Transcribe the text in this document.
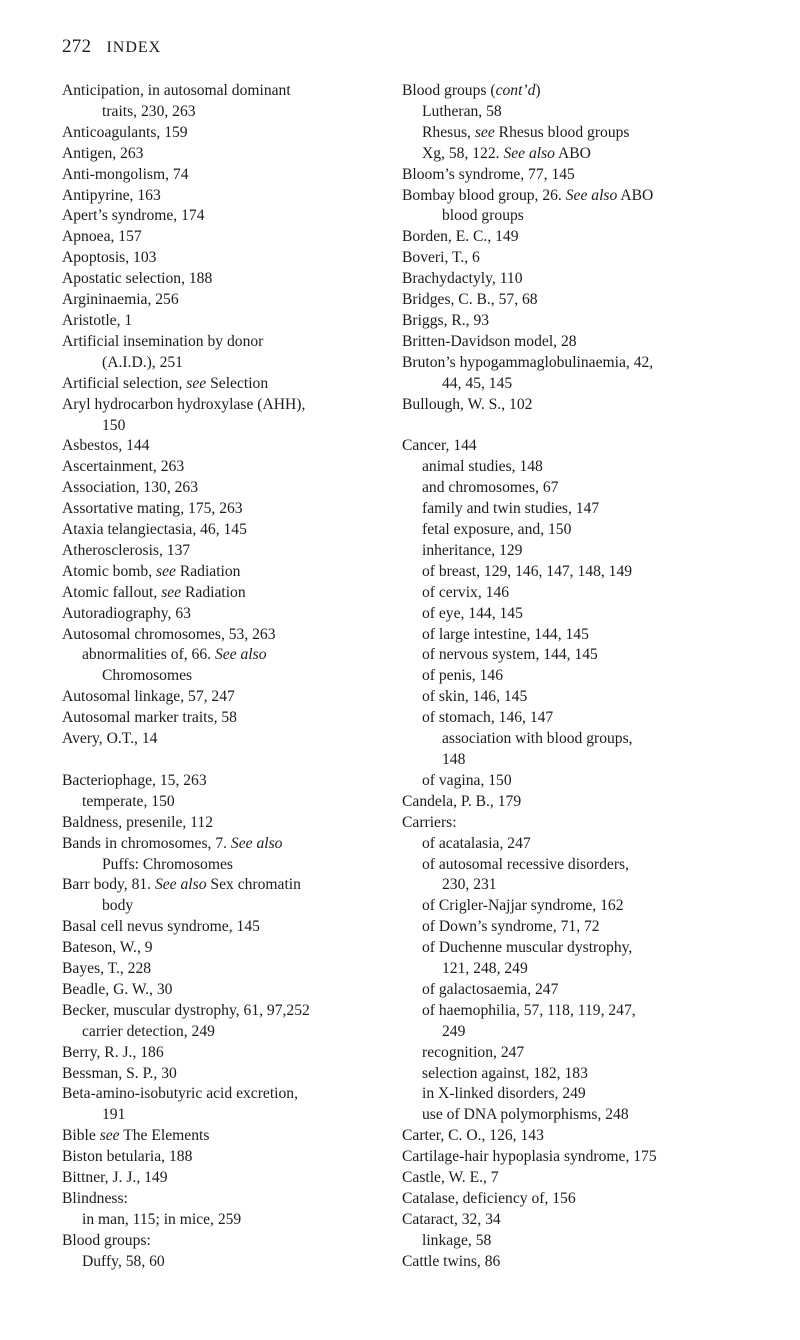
272 INDEX
Anticipation, in autosomal dominant
traits, 230, 263
Anticoagulants, 159
Antigen, 263
Anti-mongolism, 74
Antipyrine, 163
Apert’s syndrome, 174
Apnoea, 157
Apoptosis, 103
Apostatic selection, 188
Argininaemia, 256
Aristotle, 1
Artificial insemination by donor
(A.I.D.), 251
Artificial selection, see Selection
Aryl hydrocarbon hydroxylase (AHH),
150
Asbestos, 144
Ascertainment, 263
Association, 130, 263
Assortative mating, 175, 263
Ataxia telangiectasia, 46, 145
Atherosclerosis, 137
Atomic bomb, see Radiation
Atomic fallout, see Radiation
Autoradiography, 63
Autosomal chromosomes, 53, 263
abnormalities of, 66. See also
Chromosomes
Autosomal linkage, 57, 247
Autosomal marker traits, 58
Avery, O.T., 14
Bacteriophage, 15, 263
temperate, 150
Baldness, presenile, 112
Bands in chromosomes, 7. See also
Puffs: Chromosomes
Barr body, 81. See also Sex chromatin
body
Basal cell nevus syndrome, 145
Bateson, W., 9
Bayes, T., 228
Beadle, G. W., 30
Becker, muscular dystrophy, 61, 97,252
carrier detection, 249
Berry, R. J., 186
Bessman, S. P., 30
Beta-amino-isobutyric acid excretion,
191
Bible see The Elements
Biston betularia, 188
Bittner, J. J., 149
Blindness:
in man, 115; in mice, 259
Blood groups:
Duffy, 58, 60
Blood groups (cont’d)
Lutheran, 58
Rhesus, see Rhesus blood groups
Xg, 58, 122. See also ABO
Bloom’s syndrome, 77, 145
Bombay blood group, 26. See also ABO
blood groups
Borden, E. C., 149
Boveri, T., 6
Brachydactyly, 110
Bridges, C. B., 57, 68
Briggs, R., 93
Britten-Davidson model, 28
Bruton’s hypogammaglobulinaemia, 42,
44, 45, 145
Bullough, W. S., 102
Cancer, 144
animal studies, 148
and chromosomes, 67
family and twin studies, 147
fetal exposure, and, 150
inheritance, 129
of breast, 129, 146, 147, 148, 149
of cervix, 146
of eye, 144, 145
of large intestine, 144, 145
of nervous system, 144, 145
of penis, 146
of skin, 146, 145
of stomach, 146, 147
association with blood groups,
148
of vagina, 150
Candela, P. B., 179
Carriers:
of acatalasia, 247
of autosomal recessive disorders,
230, 231
of Crigler-Najjar syndrome, 162
of Down’s syndrome, 71, 72
of Duchenne muscular dystrophy,
121, 248, 249
of galactosaemia, 247
of haemophilia, 57, 118, 119, 247,
249
recognition, 247
selection against, 182, 183
in X-linked disorders, 249
use of DNA polymorphisms, 248
Carter, C. O., 126, 143
Cartilage-hair hypoplasia syndrome, 175
Castle, W. E., 7
Catalase, deficiency of, 156
Cataract, 32, 34
linkage, 58
Cattle twins, 86
